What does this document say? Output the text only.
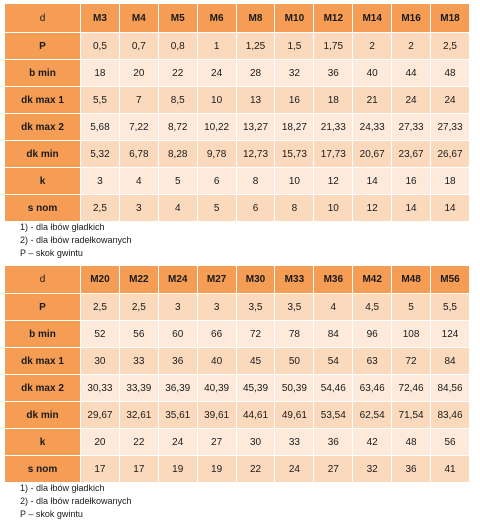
d	M3	M4	M5	M6	M8	M10	M12	M14	M16	M18
P	0,5	0,7	0,8	1	1,25	1,5	1,75	2	2	2,5
b min	18	20	22	24	28	32	36	40	44	48
dk max 1	5,5	7	8,5	10	13	16	18	21	24	24
dk max 2	5,68	7,22	8,72	10,22	13,27	18,27	21,33	24,33	27,33	27,33
dk min	5,32	6,78	8,28	9,78	12,73	15,73	17,73	20,67	23,67	26,67
k	3	4	5	6	8	10	12	14	16	18
s nom	2,5	3	4	5	6	8	10	12	14	14
1) - dla łbów gładkich
2) - dla łbów radełkowanych
P – skok gwintu
d	M20	M22	M24	M27	M30	M33	M36	M42	M48	M56
P	2,5	2,5	3	3	3,5	3,5	4	4,5	5	5,5
b min	52	56	60	66	72	78	84	96	108	124
dk max 1	30	33	36	40	45	50	54	63	72	84
dk max 2	30,33	33,39	36,39	40,39	45,39	50,39	54,46	63,46	72,46	84,56
dk min	29,67	32,61	35,61	39,61	44,61	49,61	53,54	62,54	71,54	83,46
k	20	22	24	27	30	33	36	42	48	56
s nom	17	17	19	19	22	24	27	32	36	41
1) - dla łbów gładkich
2) - dla łbów radełkowanych
P – skok gwintu
